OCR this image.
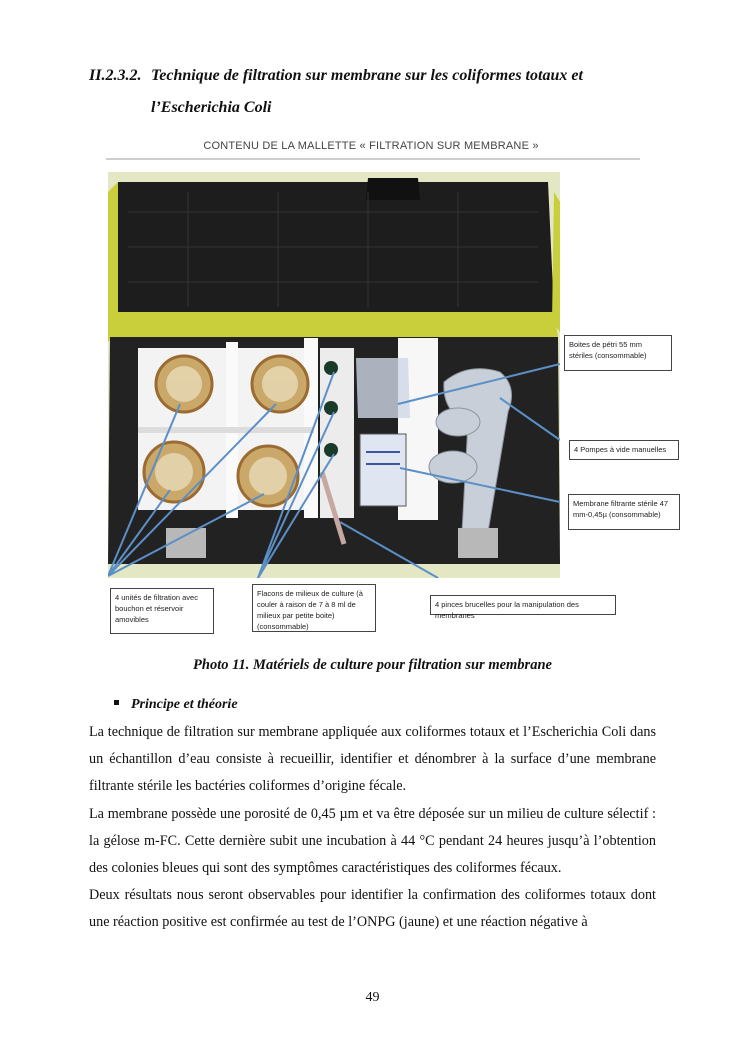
II.2.3.2. Technique de filtration sur membrane sur les coliformes totaux et
l’Escherichia Coli
CONTENU DE LA MALLETTE « FILTRATION SUR MEMBRANE »
Boites de pétri 55 mm stériles (consommable)
4 Pompes à vide manuelles
Membrane filtrante stérile 47 mm-0,45µ (consommable)
4 unités de filtration avec bouchon et réservoir amovibles
Flacons de milieux de culture (à couler à raison de 7 à 8 ml de milieux par petite boite) (consommable)
4 pinces brucelles pour la manipulation des membranes
Photo 11. Matériels de culture pour filtration sur membrane
Principe et théorie

La technique de filtration sur membrane appliquée aux coliformes totaux et l’Escherichia Coli dans un échantillon d’eau consiste à recueillir, identifier et dénombrer à la surface d’une membrane filtrante stérile les bactéries coliformes d’origine fécale.

La membrane possède une porosité de 0,45 µm et va être déposée sur un milieu de culture sélectif : la gélose m-FC. Cette dernière subit une incubation à 44 °C pendant 24 heures jusqu’à l’obtention des colonies bleues qui sont des symptômes caractéristiques des coliformes fécaux.

Deux résultats nous seront observables pour identifier la confirmation des coliformes totaux dont une réaction positive est confirmée au test de l’ONPG (jaune) et une réaction négative à

49
